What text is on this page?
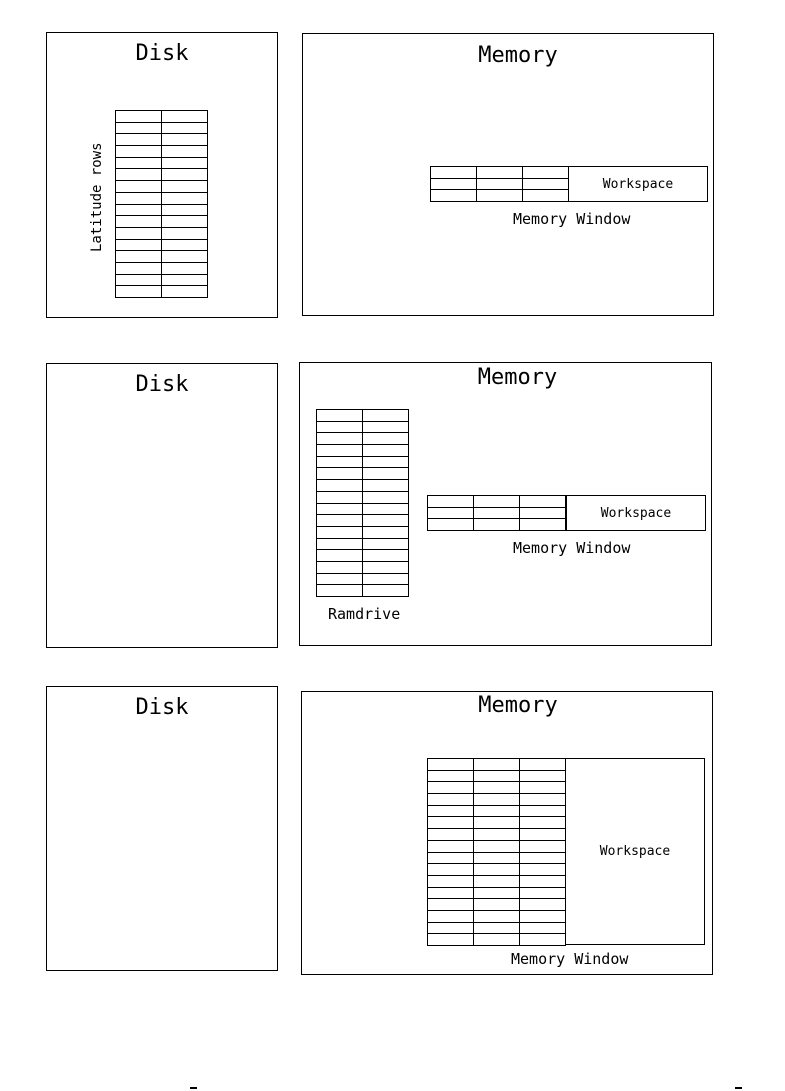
Disk

Latitude rows
Memory

Workspace
Memory Window
Disk	Memory

Ramdrive

Workspace
Memory Window
Disk	Memory

Workspace
Memory Window
